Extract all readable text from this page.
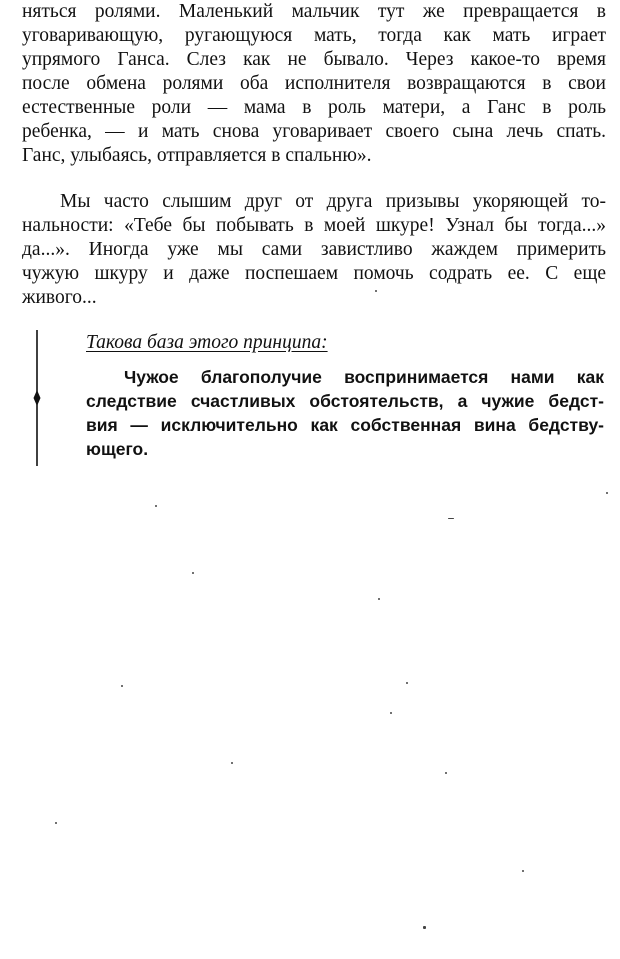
няться ролями. Маленький мальчик тут же превращается в
уговаривающую, ругающуюся мать, тогда как мать играет
упрямого Ганса. Слез как не бывало. Через какое-то время
после обмена ролями оба исполнителя возвращаются в свои
естественные роли — мама в роль матери, а Ганс в роль
ребенка, — и мать снова уговаривает своего сына лечь спать.
Ганс, улыбаясь, отправляется в спальню».
Мы часто слышим друг от друга призывы укоряющей то-
нальности: «Тебе бы побывать в моей шкуре! Узнал бы тогда...»
да...». Иногда уже мы сами завистливо жаждем примерить
чужую шкуру и даже поспешаем помочь содрать ее. С еще
живого...
Такова база этого принципа:
Чужое благополучие воспринимается нами как
следствие счастливых обстоятельств, а чужие бедст-
вия — исключительно как собственная вина бедству-
ющего.
